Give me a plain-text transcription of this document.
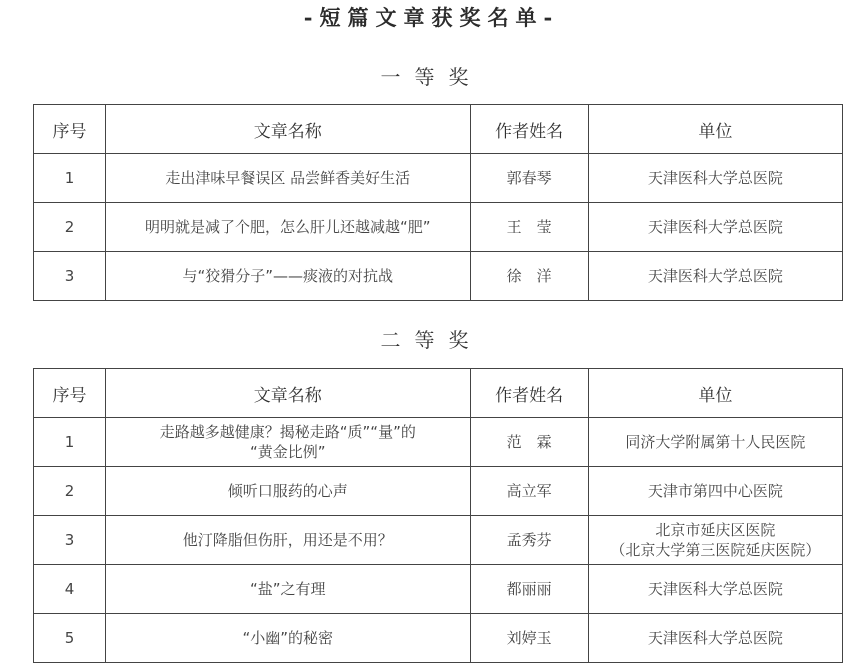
-短篇文章获奖名单-
一等奖
序号	文章名称	作者姓名	单位
1	走出津味早餐误区 品尝鲜香美好生活	郭春琴	天津医科大学总医院
2	明明就是减了个肥，怎么肝儿还越减越“肥”	王　莹	天津医科大学总医院
3	与“狡猾分子”——痰液的对抗战	徐　洋	天津医科大学总医院
二等奖
序号	文章名称	作者姓名	单位
1	走路越多越健康？揭秘走路“质”“量”的
“黄金比例”	范　霖	同济大学附属第十人民医院
2	倾听口服药的心声	高立军	天津市第四中心医院
3	他汀降脂但伤肝，用还是不用？	孟秀芬	北京市延庆区医院
（北京大学第三医院延庆医院）

4	“盐”之有理	都丽丽	天津医科大学总医院
5	“小幽”的秘密	刘婷玉	天津医科大学总医院
